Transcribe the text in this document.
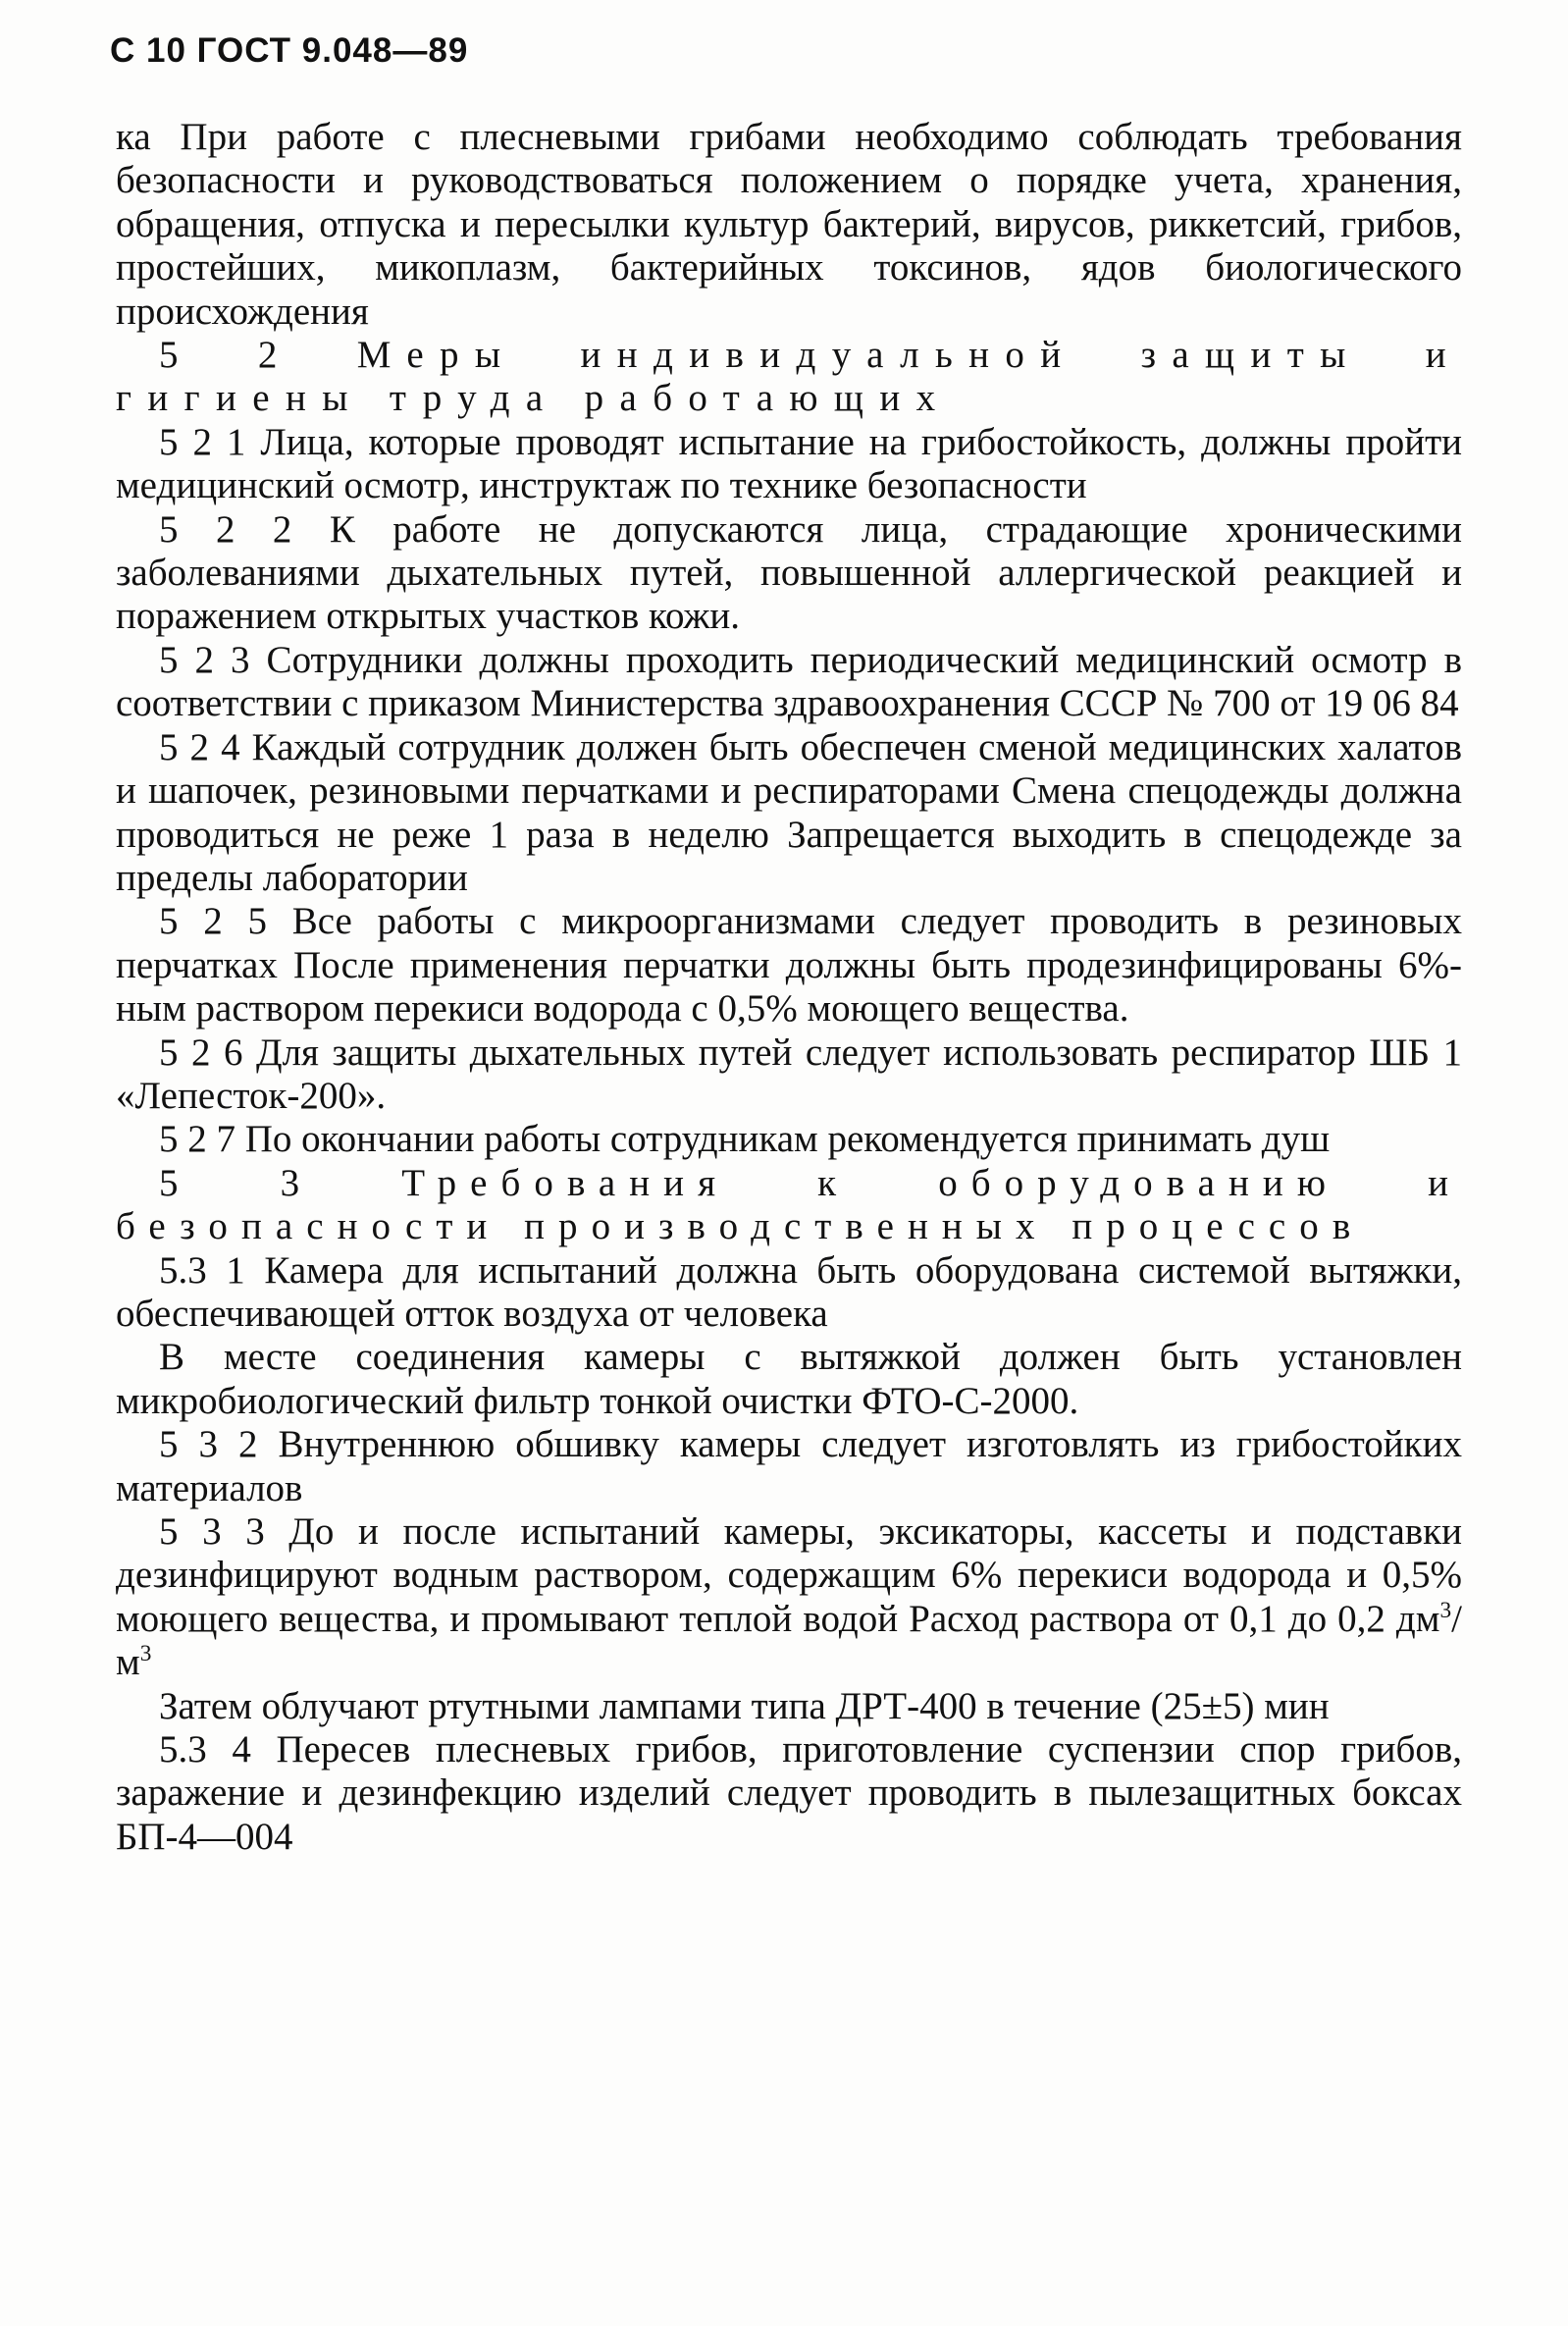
С 10 ГОСТ 9.048—89

ка При работе с плесневыми грибами необходимо соблюдать требования безопасности и руководствоваться положением о порядке учета, хранения, обращения, отпуска и пересылки культур бактерий, вирусов, риккетсий, грибов, простейших, микоплазм, бактерийных токсинов, ядов биологического происхождения

5 2 Меры индивидуальной защиты и гигиены труда работающих

5 2 1 Лица, которые проводят испытание на грибостойкость, должны пройти медицинский осмотр, инструктаж по технике безопасности

5 2 2 К работе не допускаются лица, страдающие хроническими заболеваниями дыхательных путей, повышенной аллергической реакцией и поражением открытых участков кожи.

5 2 3 Сотрудники должны проходить периодический медицинский осмотр в соответствии с приказом Министерства здравоохранения СССР № 700 от 19 06 84

5 2 4 Каждый сотрудник должен быть обеспечен сменой медицинских халатов и шапочек, резиновыми перчатками и респираторами Смена спецодежды должна проводиться не реже 1 раза в неделю Запрещается выходить в спецодежде за пределы лаборатории

5 2 5 Все работы с микроорганизмами следует проводить в резиновых перчатках После применения перчатки должны быть продезинфицированы 6%-ным раствором перекиси водорода с 0,5% моющего вещества.

5 2 6 Для защиты дыхательных путей следует использовать респиратор ШБ 1 «Лепесток-200».

5 2 7 По окончании работы сотрудникам рекомендуется принимать душ

5 3 Требования к оборудованию и безопасности производственных процессов

5.3 1 Камера для испытаний должна быть оборудована системой вытяжки, обеспечивающей отток воздуха от человека

В месте соединения камеры с вытяжкой должен быть установлен микробиологический фильтр тонкой очистки ФТО-С-2000.

5 3 2 Внутреннюю обшивку камеры следует изготовлять из грибостойких материалов

5 3 3 До и после испытаний камеры, эксикаторы, кассеты и подставки дезинфицируют водным раствором, содержащим 6% перекиси водорода и 0,5% моющего вещества, и промывают теплой водой Расход раствора от 0,1 до 0,2 $дм^3/м^3$

Затем облучают ртутными лампами типа ДРТ-400 в течение (25±5) мин

5.3 4 Пересев плесневых грибов, приготовление суспензии спор грибов, заражение и дезинфекцию изделий следует проводить в пылезащитных боксах БП-4—004
